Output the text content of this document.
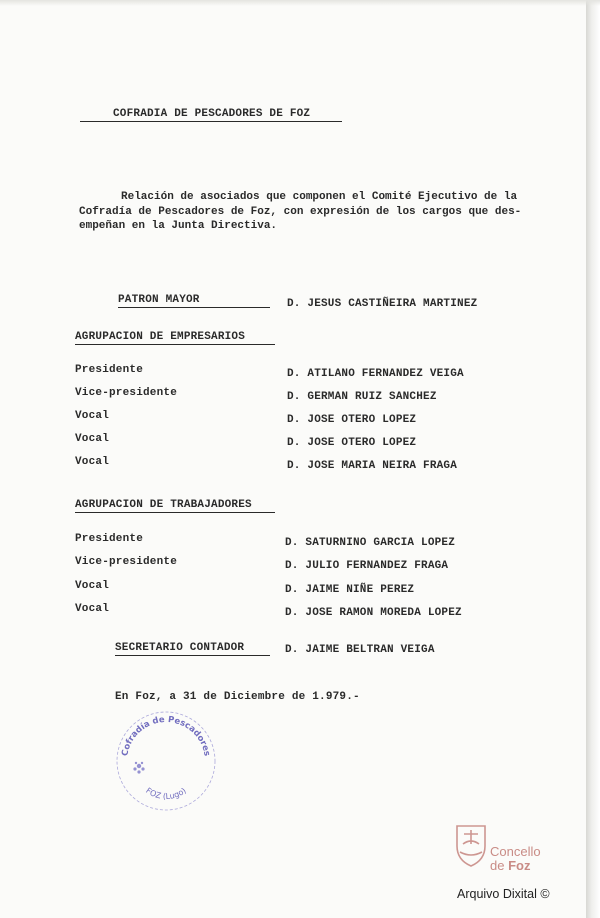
COFRADIA DE PESCADORES DE FOZ
Relación de asociados que componen el Comité Ejecutivo de la
Cofradía de Pescadores de Foz, con expresión de los cargos que des-
empeñan en la Junta Directiva.
PATRON MAYOR	D. JESUS CASTIÑEIRA MARTINEZ
AGRUPACION DE EMPRESARIOS
Presidente	D. ATILANO FERNANDEZ VEIGA
Vice-presidente	D. GERMAN RUIZ SANCHEZ
Vocal	D. JOSE OTERO LOPEZ
Vocal	D. JOSE OTERO LOPEZ
Vocal	D. JOSE MARIA NEIRA FRAGA
AGRUPACION DE TRABAJADORES
Presidente	D. SATURNINO GARCIA LOPEZ
Vice-presidente	D. JULIO FERNANDEZ FRAGA
Vocal	D. JAIME NIÑE PEREZ
Vocal	D. JOSE RAMON MOREDA LOPEZ
SECRETARIO CONTADOR	D. JAIME BELTRAN VEIGA
En Foz, a 31 de Diciembre de 1.979.-
Cofradía de Pescadores
FOZ (Lugo)
Concello
de Foz
Arquivo Dixital ©
